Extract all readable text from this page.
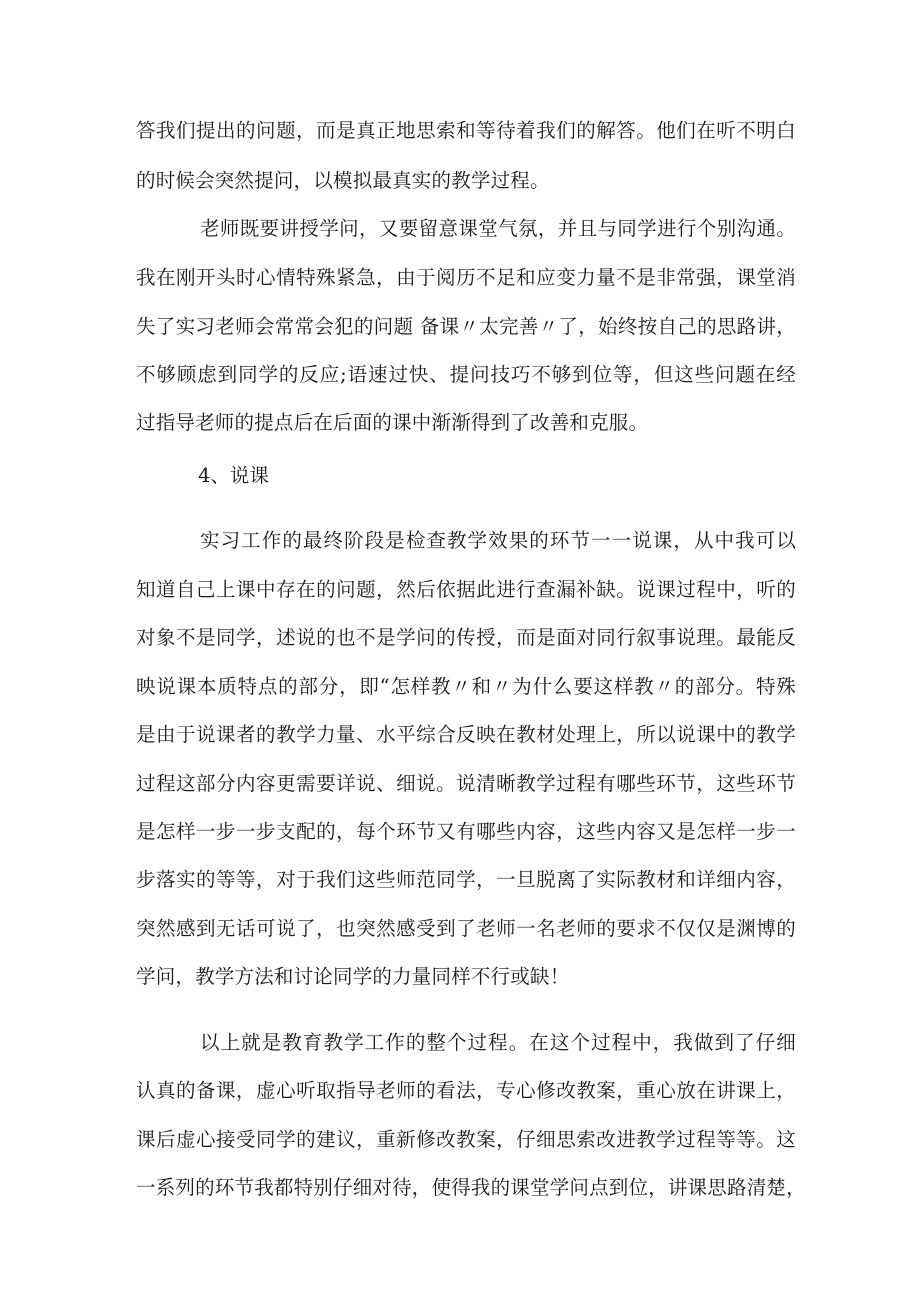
答我们提出的问题，而是真正地思索和等待着我们的解答。他们在听不明白

的时候会突然提问，以模拟最真实的教学过程。

老师既要讲授学问，又要留意课堂气氛，并且与同学进行个别沟通。

我在刚开头时心情特殊紧急，由于阅历不足和应变力量不是非常强，课堂消

失了实习老师会常常会犯的问题 备课〃太完善〃了，始终按自己的思路讲，

不够顾虑到同学的反应;语速过快、提问技巧不够到位等，但这些问题在经

过指导老师的提点后在后面的课中渐渐得到了改善和克服。

4、说课

实习工作的最终阶段是检查教学效果的环节一一说课，从中我可以

知道自己上课中存在的问题，然后依据此进行查漏补缺。说课过程中，听的

对象不是同学，述说的也不是学问的传授，而是面对同行叙事说理。最能反

映说课本质特点的部分，即“怎样教〃和〃为什么要这样教〃的部分。特殊

是由于说课者的教学力量、水平综合反映在教材处理上，所以说课中的教学

过程这部分内容更需要详说、细说。说清晰教学过程有哪些环节，这些环节

是怎样一步一步支配的，每个环节又有哪些内容，这些内容又是怎样一步一

步落实的等等，对于我们这些师范同学，一旦脱离了实际教材和详细内容，

突然感到无话可说了，也突然感受到了老师一名老师的要求不仅仅是渊博的

学问，教学方法和讨论同学的力量同样不行或缺！

以上就是教育教学工作的整个过程。在这个过程中，我做到了仔细

认真的备课，虚心听取指导老师的看法，专心修改教案，重心放在讲课上，

课后虚心接受同学的建议，重新修改教案，仔细思索改进教学过程等等。这

一系列的环节我都特别仔细对待，使得我的课堂学问点到位，讲课思路清楚，
